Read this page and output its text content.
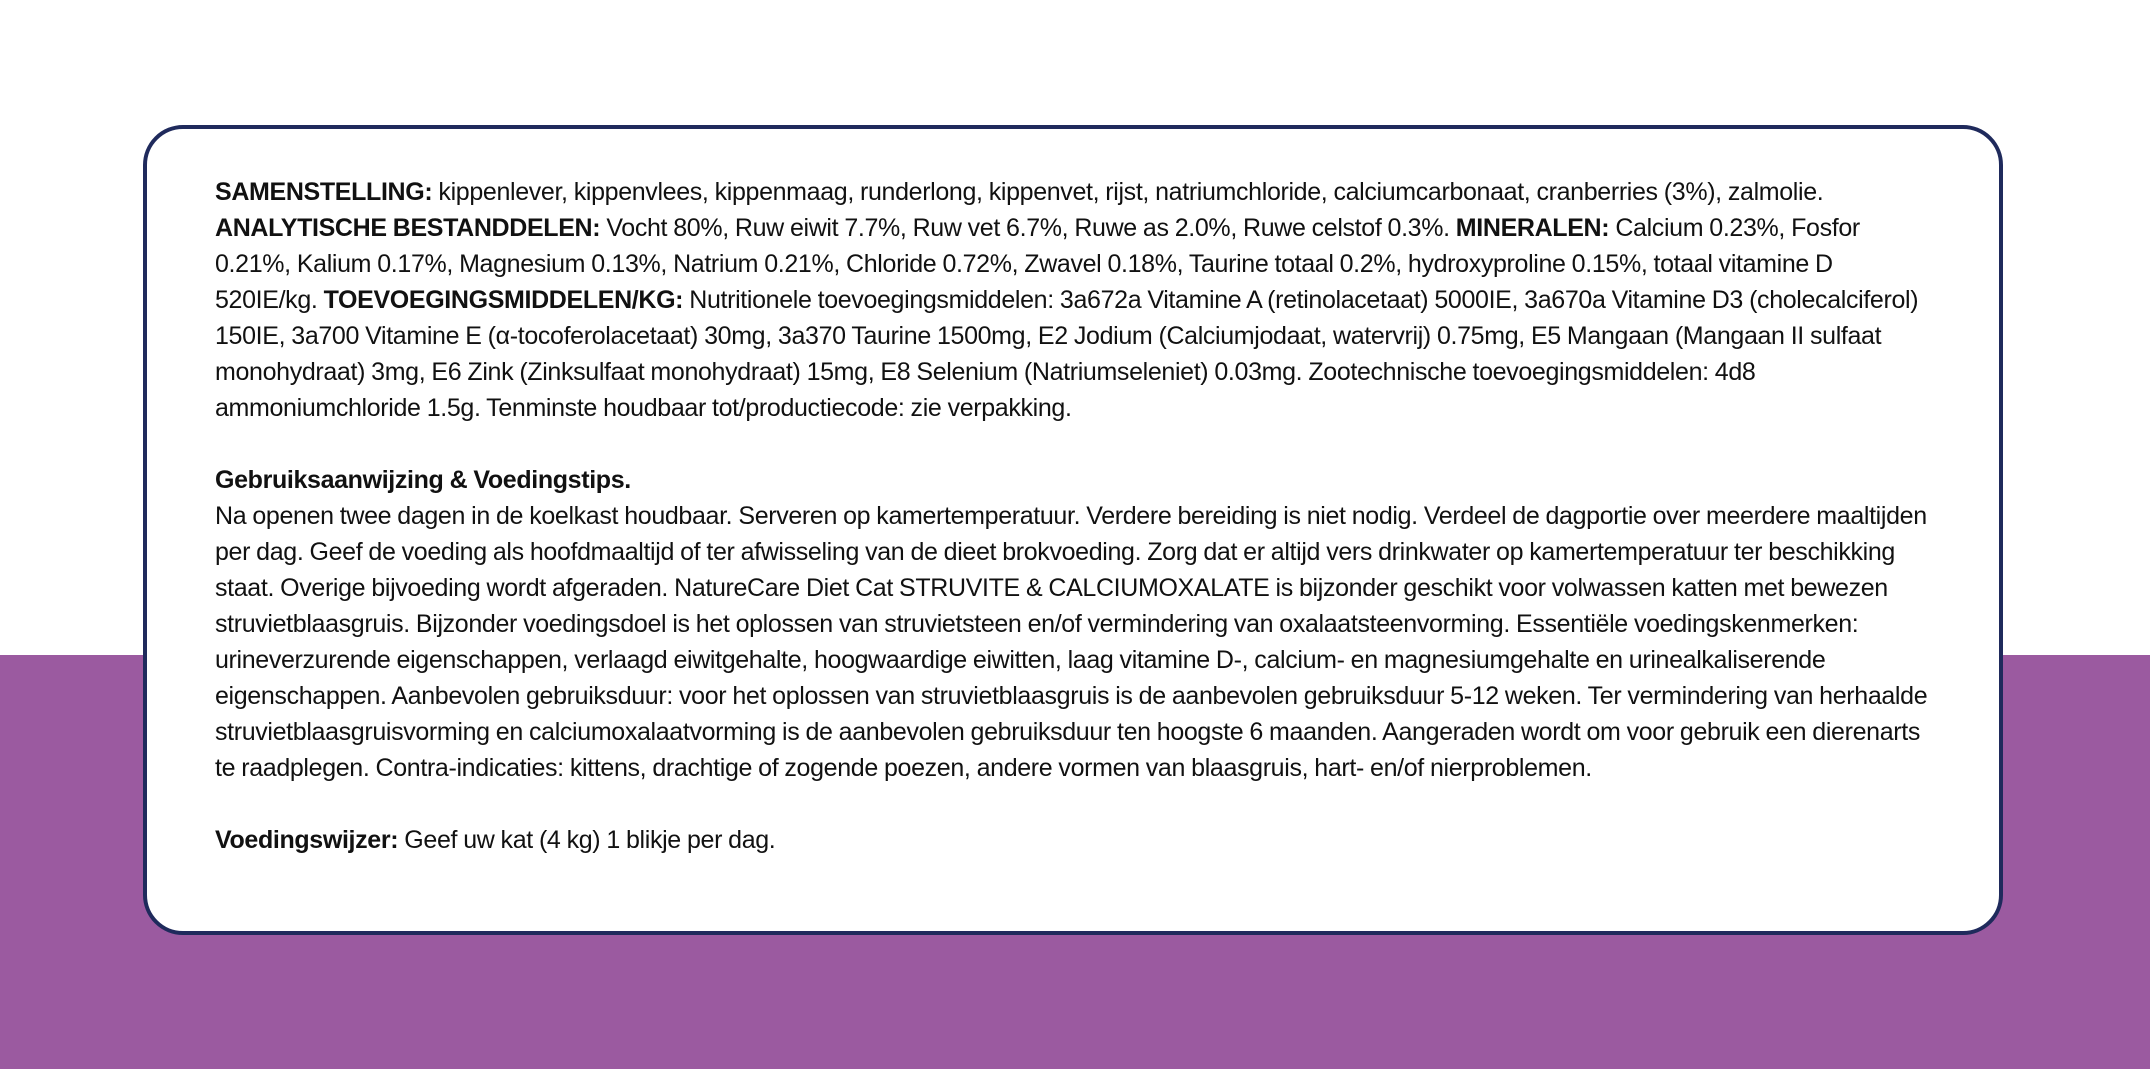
SAMENSTELLING: kippenlever, kippenvlees, kippenmaag, runderlong, kippenvet, rijst, natriumchloride, calciumcarbonaat, cranberries (3%), zalmolie. ANALYTISCHE BESTANDDELEN: Vocht 80%, Ruw eiwit 7.7%, Ruw vet 6.7%, Ruwe as 2.0%, Ruwe celstof 0.3%. MINERALEN: Calcium 0.23%, Fosfor 0.21%, Kalium 0.17%, Magnesium 0.13%, Natrium 0.21%, Chloride 0.72%, Zwavel 0.18%, Taurine totaal 0.2%, hydroxyproline 0.15%, totaal vitamine D 520IE/kg. TOEVOEGINGSMIDDELEN/KG: Nutritionele toevoegingsmiddelen: 3a672a Vitamine A (retinolacetaat) 5000IE, 3a670a Vitamine D3 (cholecalciferol) 150IE, 3a700 Vitamine E (α-tocoferolacetaat) 30mg, 3a370 Taurine 1500mg, E2 Jodium (Calciumjodaat, watervrij) 0.75mg, E5 Mangaan (Mangaan II sulfaat monohydraat) 3mg, E6 Zink (Zinksulfaat monohydraat) 15mg, E8 Selenium (Natriumseleniet) 0.03mg. Zootechnische toevoegingsmiddelen: 4d8 ammoniumchloride 1.5g. Tenminste houdbaar tot/productiecode: zie verpakking.

Gebruiksaanwijzing & Voedingstips.

Na openen twee dagen in de koelkast houdbaar. Serveren op kamertemperatuur. Verdere bereiding is niet nodig. Verdeel de dagportie over meerdere maaltijden per dag. Geef de voeding als hoofdmaaltijd of ter afwisseling van de dieet brokvoeding. Zorg dat er altijd vers drinkwater op kamertemperatuur ter beschikking staat. Overige bijvoeding wordt afgeraden. NatureCare Diet Cat STRUVITE & CALCIUMOXALATE is bijzonder geschikt voor volwassen katten met bewezen struvietblaasgruis. Bijzonder voedingsdoel is het oplossen van struvietsteen en/of vermindering van oxalaatsteenvorming. Essentiële voedingskenmerken: urineverzurende eigenschappen, verlaagd eiwitgehalte, hoogwaardige eiwitten, laag vitamine D-, calcium- en magnesiumgehalte en urinealkaliserende eigenschappen. Aanbevolen gebruiksduur: voor het oplossen van struvietblaasgruis is de aanbevolen gebruiksduur 5-12 weken. Ter vermindering van herhaalde struvietblaasgruisvorming en calciumoxalaatvorming is de aanbevolen gebruiksduur ten hoogste 6 maanden. Aangeraden wordt om voor gebruik een dierenarts te raadplegen. Contra-indicaties: kittens, drachtige of zogende poezen, andere vormen van blaasgruis, hart- en/of nierproblemen.

Voedingswijzer: Geef uw kat (4 kg) 1 blikje per dag.
